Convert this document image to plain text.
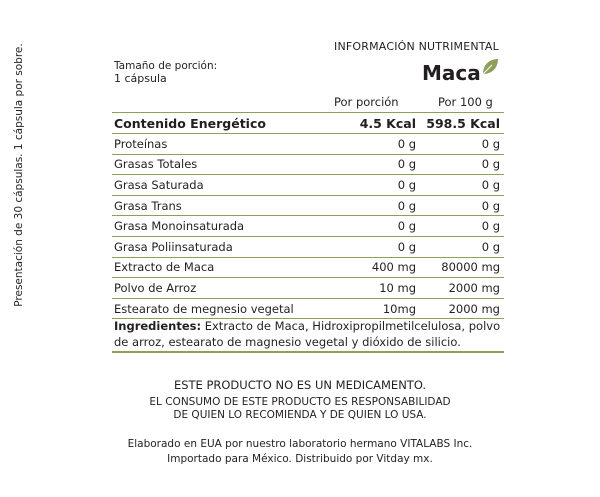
Presentación de 30 cápsulas. 1 cápsula por sobre.	INFORMACIÓN NUTRIMENTAL
Tamaño de porción:
1 cápsula	Maca
Por porción	Por 100 g
Contenido Energético	4.5 Kcal	598.5 Kcal
Proteínas	0 g	0 g
Grasas Totales	0 g	0 g
Grasa Saturada	0 g	0 g
Grasa Trans	0 g	0 g
Grasa Monoinsaturada	0 g	0 g
Grasa Poliinsaturada	0 g	0 g
Extracto de Maca	400 mg	80000 mg
Polvo de Arroz	10 mg	2000 mg
Estearato de megnesio vegetal	10mg	2000 mg
Ingredientes: Extracto de Maca, Hidroxipropilmetilcelulosa, polvo de arroz, estearato de magnesio vegetal y dióxido de silicio.
ESTE PRODUCTO NO ES UN MEDICAMENTO.
EL CONSUMO DE ESTE PRODUCTO ES RESPONSABILIDAD
DE QUIEN LO RECOMIENDA Y DE QUIEN LO USA.
Elaborado en EUA por nuestro laboratorio hermano VITALABS Inc.
Importado para México. Distribuido por Vitday mx.
